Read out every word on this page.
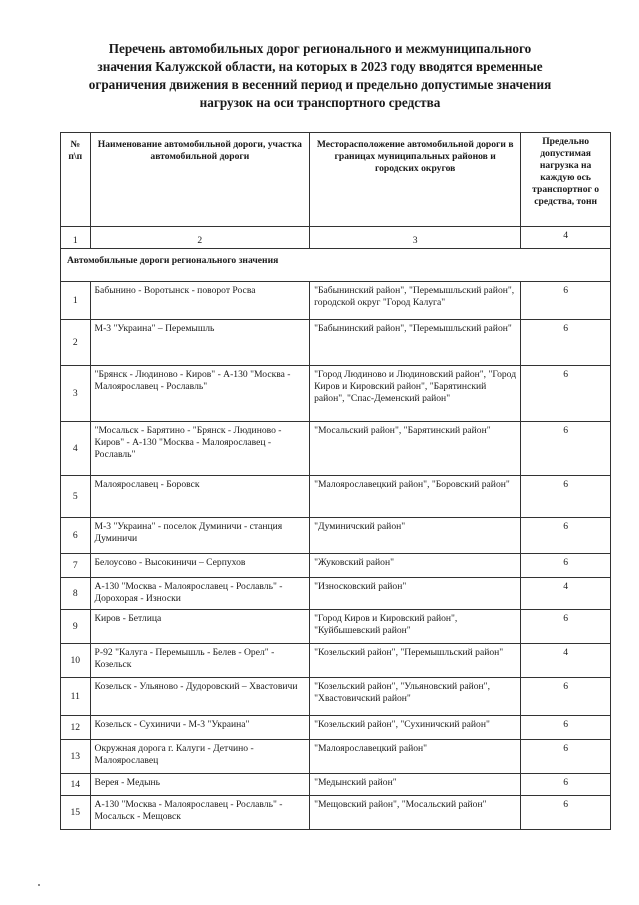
Перечень автомобильных дорог регионального и межмуниципального
значения Калужской области, на которых в 2023 году вводятся временные
ограничения движения в весенний период и предельно допустимые значения
нагрузок на оси транспортного средства
№ п\п	Наименование автомобильной дороги, участка автомобильной дороги	Месторасположение автомобильной дороги в границах муниципальных районов и городских округов	Предельно допустимая нагрузка на каждую ось транспортног о средства, тонн
1	2	3	4
Автомобильные дороги регионального значения			
1	Бабынино - Воротынск - поворот Росва	"Бабынинский район", "Перемышльский район", городской округ "Город Калуга"	6
2	М-3 "Украина" – Перемышль	"Бабынинский район", "Перемышльский район"	6
3	"Брянск - Людиново - Киров" - А-130 "Москва - Малоярославец - Рославль"	"Город Людиново и Людиновский район", "Город Киров и Кировский район", "Барятинский район", "Спас-Деменский район"	6
4	"Мосальск - Барятино - "Брянск - Людиново - Киров" - А-130 "Москва - Малоярославец - Рославль"	"Мосальский район", "Барятинский район"	6
5	Малоярославец - Боровск	"Малоярославецкий район", "Боровский район"	6
6	М-3 "Украина" - поселок Думиничи - станция Думиничи	"Думиничский район"	6
7	Белоусово - Высокиничи – Серпухов	"Жуковский район"	6
8	А-130 "Москва - Малоярославец - Рославль" - Дорохорая - Износки	"Износковский район"	4
9	Киров - Бетлица	"Город Киров и Кировский район", "Куйбышевский район"	6
10	Р-92 "Калуга - Перемышль - Белев - Орел" - Козельск	"Козельский район", "Перемышльский район"	4
11	Козельск - Ульяново - Дудоровский – Хвастовичи	"Козельский район", "Ульяновский район", "Хвастовичский район"	6
12	Козельск - Сухиничи - М-3 "Украина"	"Козельский район", "Сухиничский район"	6
13	Окружная дорога г. Калуги - Детчино - Малоярославец	"Малоярославецкий район"	6
14	Верея - Медынь	"Медынский район"	6
15	А-130 "Москва - Малоярославец - Рославль" - Мосальск - Мещовск	"Мещовский район", "Мосальский район"	6
